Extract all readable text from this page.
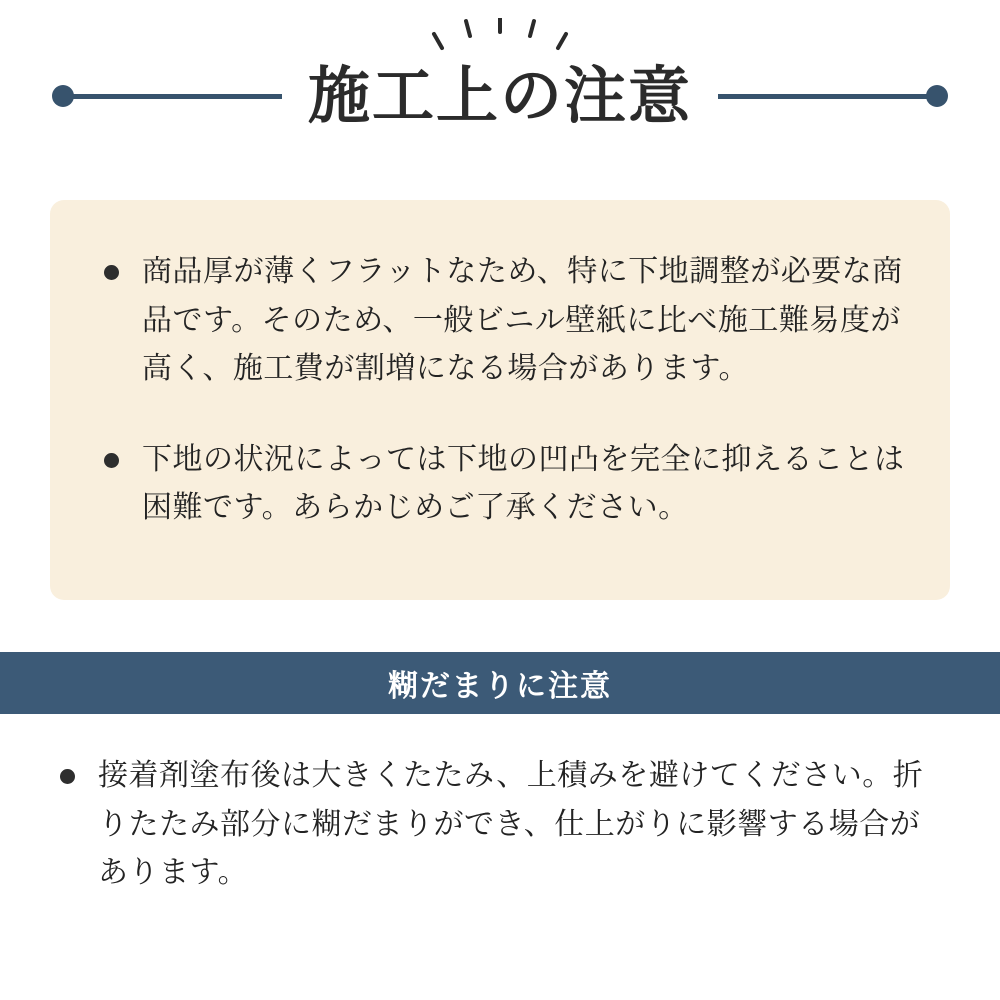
施工上の注意
商品厚が薄くフラットなため、特に下地調整が必要な商品です。そのため、一般ビニル壁紙に比べ施工難易度が高く、施工費が割増になる場合があります。
下地の状況によっては下地の凹凸を完全に抑えることは困難です。あらかじめご了承ください。
糊だまりに注意
接着剤塗布後は大きくたたみ、上積みを避けてください。折りたたみ部分に糊だまりができ、仕上がりに影響する場合があります。
